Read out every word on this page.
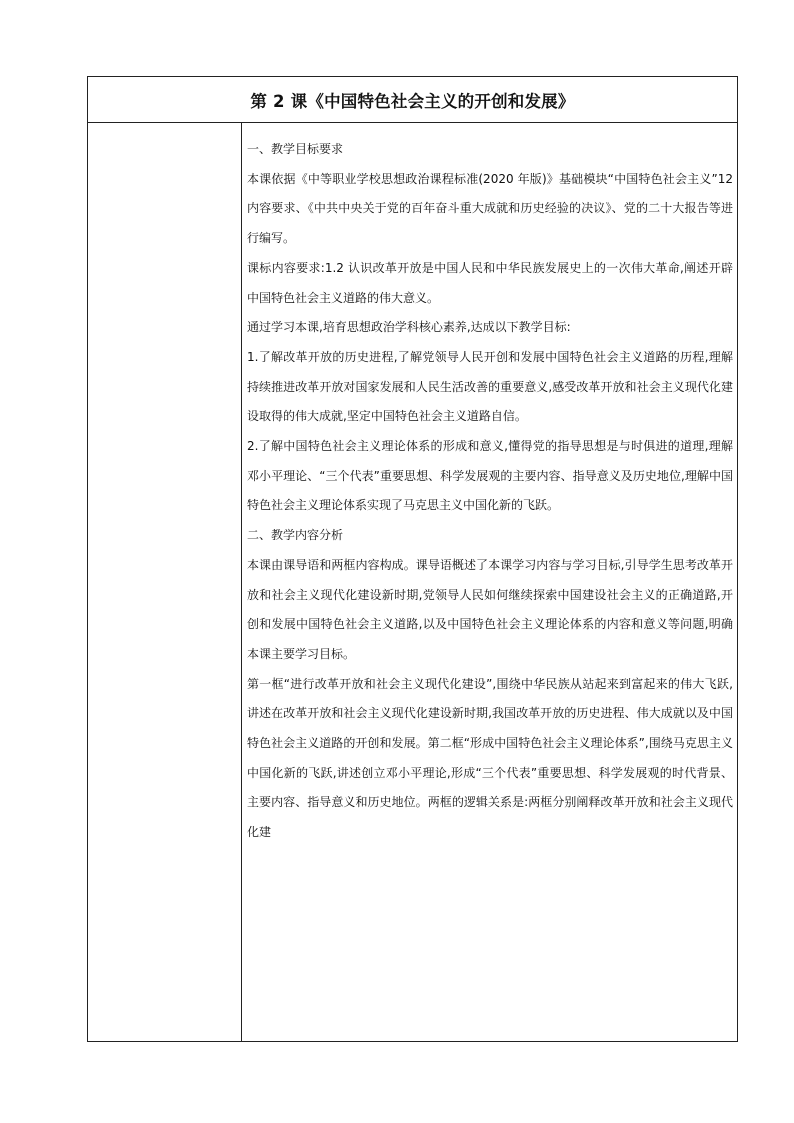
第 2 课《中国特色社会主义的开创和发展》

一、教学目标要求

本课依据《中等职业学校思想政治课程标准(2020 年版)》基础模块“中国特色社会主义”12 内容要求、《中共中央关于党的百年奋斗重大成就和历史经验的决议》、党的二十大报告等进行编写。

课标内容要求:1.2 认识改革开放是中国人民和中华民族发展史上的一次伟大革命,阐述开辟中国特色社会主义道路的伟大意义。

通过学习本课,培育思想政治学科核心素养,达成以下教学目标:

1.了解改革开放的历史进程,了解党领导人民开创和发展中国特色社会主义道路的历程,理解持续推进改革开放对国家发展和人民生活改善的重要意义,感受改革开放和社会主义现代化建设取得的伟大成就,坚定中国特色社会主义道路自信。

2.了解中国特色社会主义理论体系的形成和意义,懂得党的指导思想是与时俱进的道理,理解邓小平理论、“三个代表”重要思想、科学发展观的主要内容、指导意义及历史地位,理解中国特色社会主义理论体系实现了马克思主义中国化新的飞跃。

二、教学内容分析

本课由课导语和两框内容构成。课导语概述了本课学习内容与学习目标,引导学生思考改革开放和社会主义现代化建设新时期,党领导人民如何继续探索中国建设社会主义的正确道路,开创和发展中国特色社会主义道路,以及中国特色社会主义理论体系的内容和意义等问题,明确本课主要学习目标。

第一框“进行改革开放和社会主义现代化建设”,围绕中华民族从站起来到富起来的伟大飞跃,讲述在改革开放和社会主义现代化建设新时期,我国改革开放的历史进程、伟大成就以及中国特色社会主义道路的开创和发展。第二框“形成中国特色社会主义理论体系”,围绕马克思主义中国化新的飞跃,讲述创立邓小平理论,形成“三个代表”重要思想、科学发展观的时代背景、主要内容、指导意义和历史地位。两框的逻辑关系是:两框分别阐释改革开放和社会主义现代化建
